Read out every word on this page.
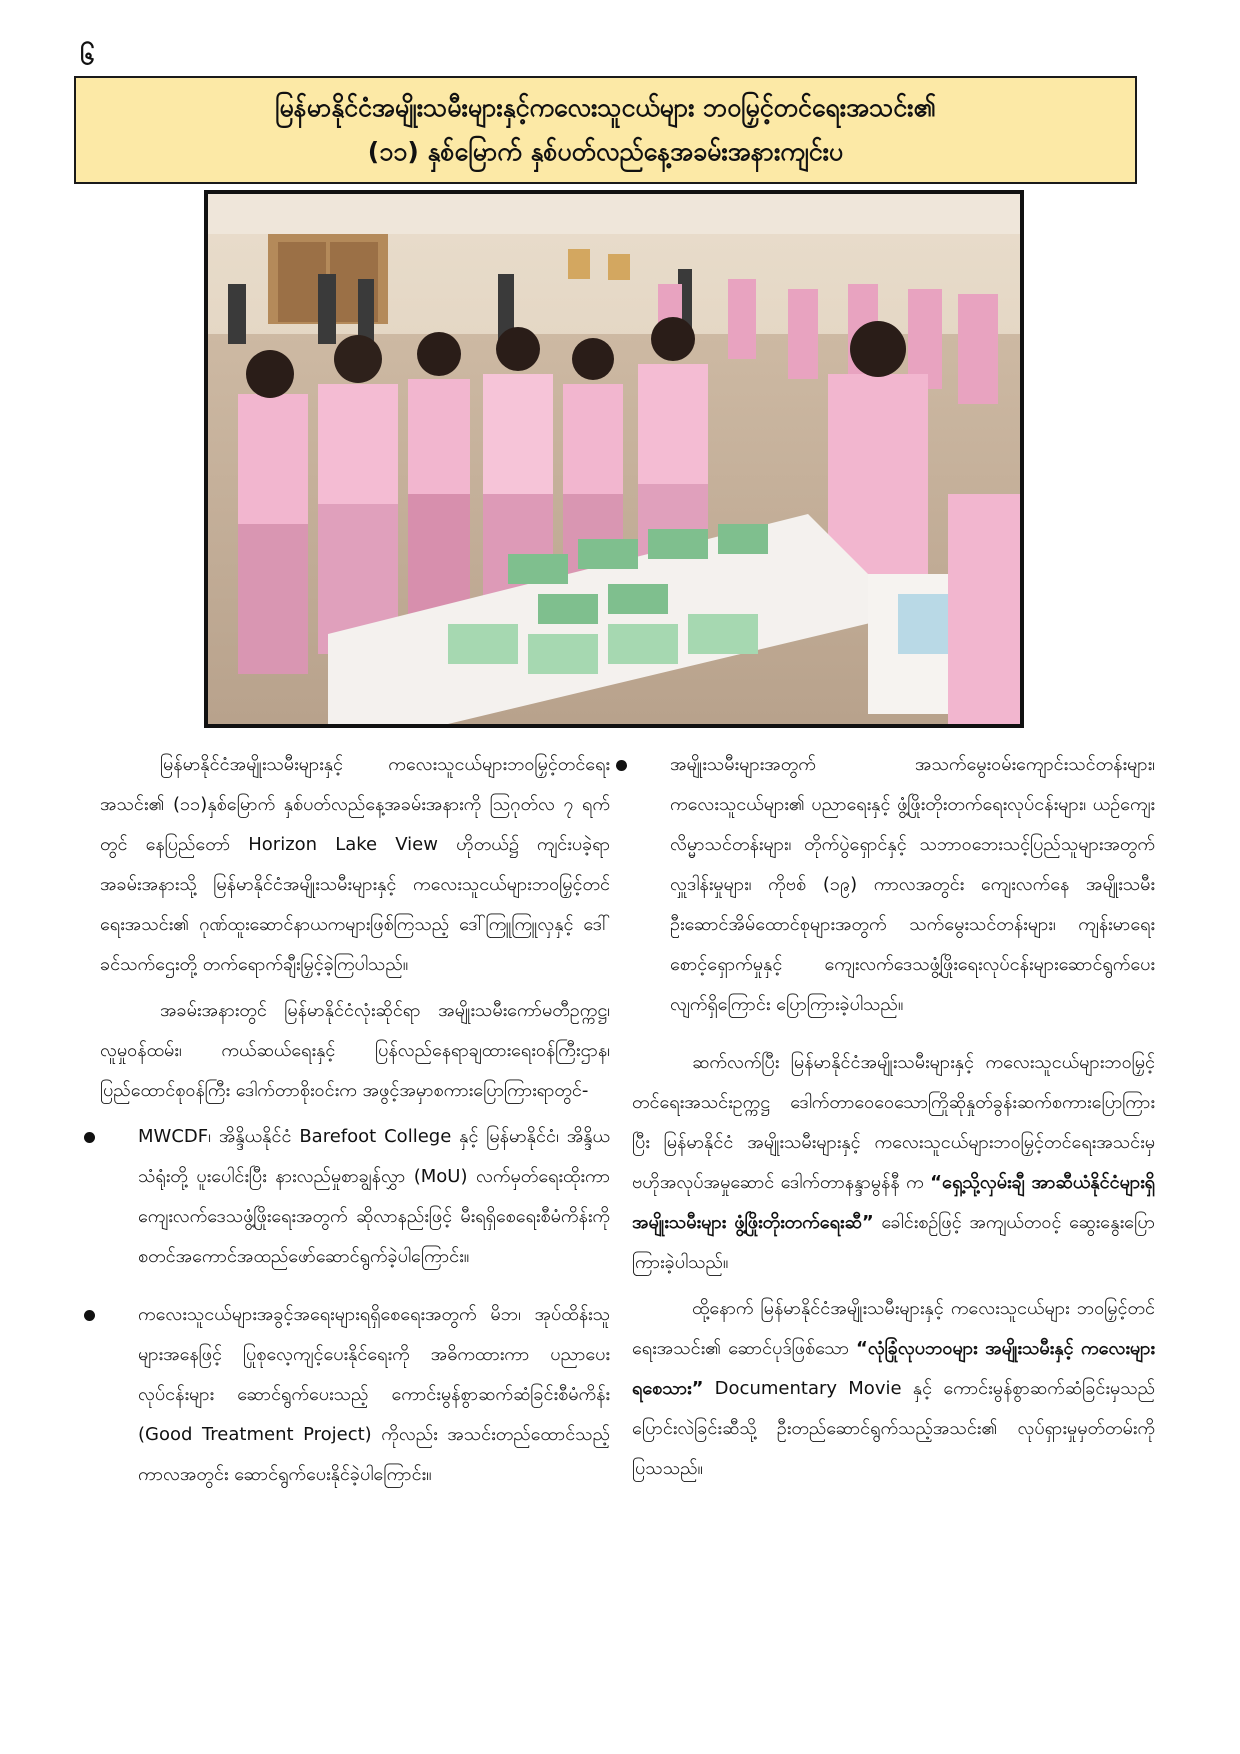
၆
မြန်မာနိုင်ငံအမျိုးသမီးများနှင့်ကလေးသူငယ်များ ဘဝမြှင့်တင်ရေးအသင်း၏
(၁၁) နှစ်မြောက် နှစ်ပတ်လည်နေ့အခမ်းအနားကျင်းပ

မြန်မာနိုင်ငံအမျိုးသမီးများနှင့် ကလေးသူငယ်များဘဝမြှင့်တင်ရေးအသင်း၏ (၁၁)နှစ်မြောက် နှစ်ပတ်လည်နေ့အခမ်းအနားကို ဩဂုတ်လ ၇ ရက်တွင် နေပြည်တော် Horizon Lake View ဟိုတယ်၌ ကျင်းပခဲ့ရာ အခမ်းအနားသို့ မြန်မာနိုင်ငံအမျိုးသမီးများနှင့် ကလေးသူငယ်များဘဝမြှင့်တင်ရေးအသင်း၏ ဂုဏ်ထူးဆောင်နာယကများဖြစ်ကြသည့် ဒေါ်ကြူကြူလှနှင့် ဒေါ်ခင်သက်ဌေးတို့ တက်ရောက်ချီးမြှင့်ခဲ့ကြပါသည်။

အခမ်းအနားတွင် မြန်မာနိုင်ငံလုံးဆိုင်ရာ အမျိုးသမီးကော်မတီဥက္ကဋ္ဌ၊ လူမှုဝန်ထမ်း၊ ကယ်ဆယ်ရေးနှင့် ပြန်လည်နေရာချထားရေးဝန်ကြီးဌာန၊ ပြည်ထောင်စုဝန်ကြီး ဒေါက်တာစိုးဝင်းက အဖွင့်အမှာစကားပြောကြားရာတွင်-

MWCDF၊ အိန္ဒိယနိုင်ငံ Barefoot College နှင့် မြန်မာနိုင်ငံ၊ အိန္ဒိယသံရုံးတို့ ပူးပေါင်းပြီး နားလည်မှုစာချွန်လွှာ (MoU) လက်မှတ်ရေးထိုးကာ ကျေးလက်ဒေသဖွံ့ဖြိုးရေးအတွက် ဆိုလာနည်းဖြင့် မီးရရှိစေရေးစီမံကိန်းကို စတင်အကောင်အထည်ဖော်ဆောင်ရွက်ခဲ့ပါကြောင်း။
ကလေးသူငယ်များအခွင့်အရေးများရရှိစေရေးအတွက် မိဘ၊ အုပ်ထိန်းသူများအနေဖြင့် ပြုစုလေ့ကျင့်ပေးနိုင်ရေးကို အဓိကထားကာ ပညာပေးလုပ်ငန်းများ ဆောင်ရွက်ပေးသည့် ကောင်းမွန်စွာဆက်ဆံခြင်းစီမံကိန်း (Good Treatment Project) ကိုလည်း အသင်းတည်ထောင်သည့် ကာလအတွင်း ဆောင်ရွက်ပေးနိုင်ခဲ့ပါကြောင်း။
အမျိုးသမီးများအတွက် အသက်မွေးဝမ်းကျောင်းသင်တန်းများ၊ ကလေးသူငယ်များ၏ ပညာရေးနှင့် ဖွံ့ဖြိုးတိုးတက်ရေးလုပ်ငန်းများ၊ ယဉ်ကျေးလိမ္မာသင်တန်းများ၊ တိုက်ပွဲရှောင်နှင့် သဘာဝဘေးသင့်ပြည်သူများအတွက် လှူဒါန်းမှုများ၊ ကိုဗစ် (၁၉) ကာလအတွင်း ကျေးလက်နေ အမျိုးသမီးဦးဆောင်အိမ်ထောင်စုများအတွက် သက်မွေးသင်တန်းများ၊ ကျန်းမာရေးစောင့်ရှောက်မှုနှင့် ကျေးလက်ဒေသဖွံ့ဖြိုးရေးလုပ်ငန်းများဆောင်ရွက်ပေးလျက်ရှိကြောင်း ပြောကြားခဲ့ပါသည်။

ဆက်လက်ပြီး မြန်မာနိုင်ငံအမျိုးသမီးများနှင့် ကလေးသူငယ်များဘဝမြှင့်တင်ရေးအသင်းဥက္ကဋ္ဌ ဒေါက်တာဝေဝေသောကြိုဆိုနှုတ်ခွန်းဆက်စကားပြောကြားပြီး မြန်မာနိုင်ငံ အမျိုးသမီးများနှင့် ကလေးသူငယ်များဘဝမြှင့်တင်ရေးအသင်းမှ ဗဟိုအလုပ်အမှုဆောင် ဒေါက်တာနန္ဒာမွန်နီ က “ရှေ့သို့လှမ်းချီ အာဆီယံနိုင်ငံများရှိ အမျိုးသမီးများ ဖွံ့ဖြိုးတိုးတက်ရေးဆီ” ခေါင်းစဉ်ဖြင့် အကျယ်တဝင့် ဆွေးနွေးပြောကြားခဲ့ပါသည်။

ထို့နောက် မြန်မာနိုင်ငံအမျိုးသမီးများနှင့် ကလေးသူငယ်များ ဘဝမြှင့်တင်ရေးအသင်း၏ ဆောင်ပုဒ်ဖြစ်သော “လုံခြုံလုပဘဝများ အမျိုးသမီးနှင့် ကလေးများရစေသား” Documentary Movie နှင့် ကောင်းမွန်စွာဆက်ဆံခြင်းမှသည် ပြောင်းလဲခြင်းဆီသို့ ဦးတည်ဆောင်ရွက်သည့်အသင်း၏ လုပ်ရှားမှုမှတ်တမ်းကို ပြသသည်။
